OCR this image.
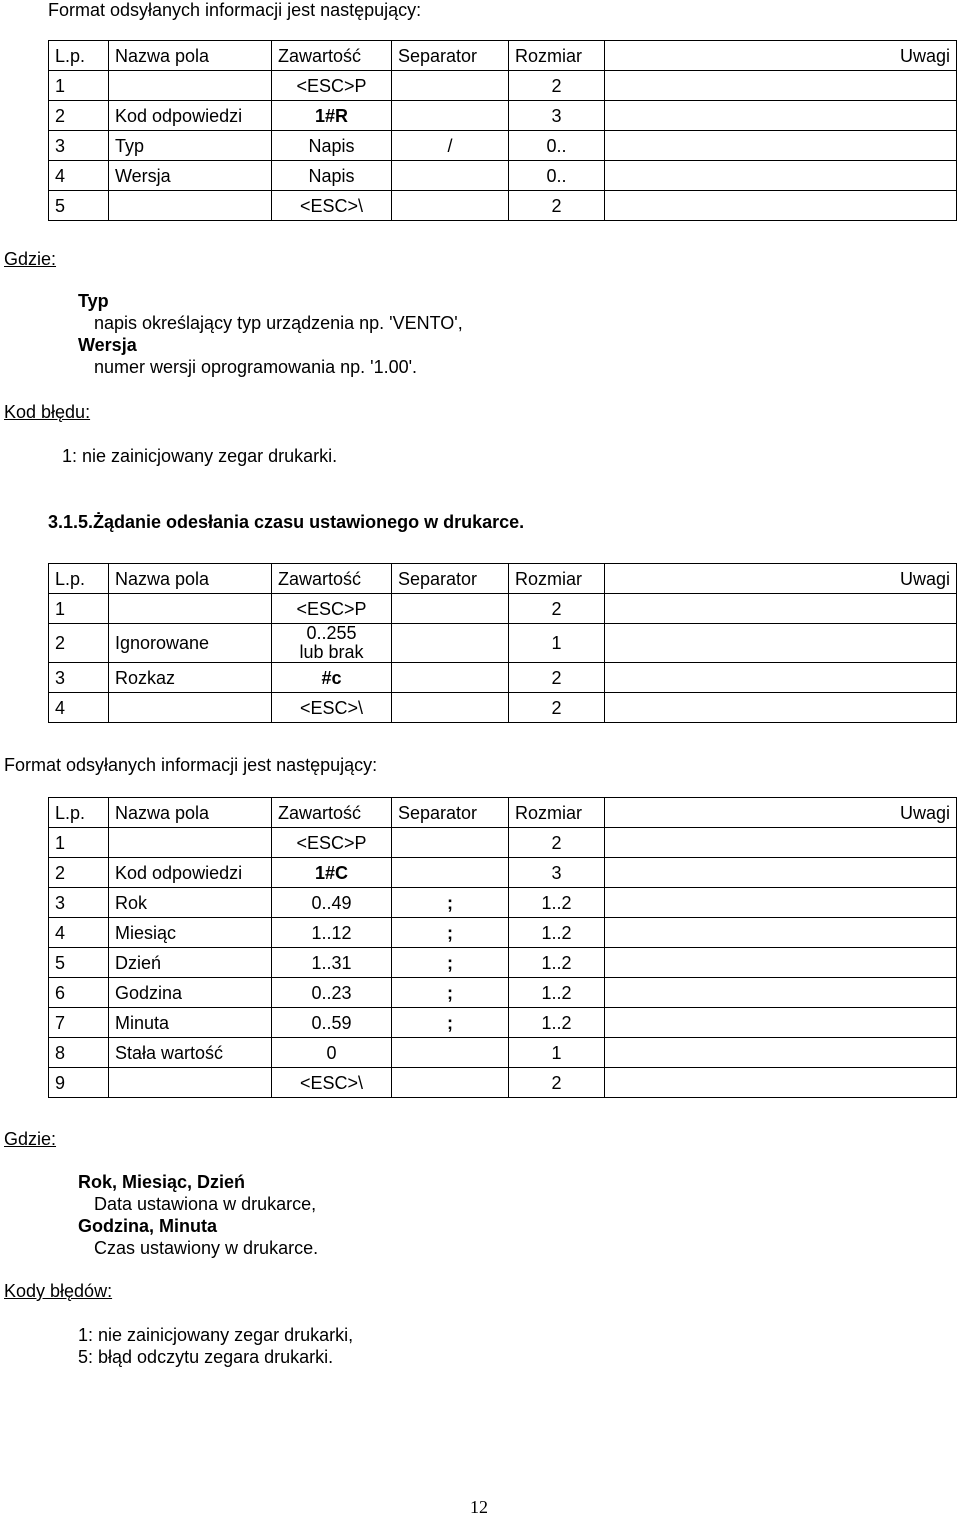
Format odsyłanych informacji jest następujący:
L.p.	Nazwa pola	Zawartość	Separator	Rozmiar	Uwagi
1		<ESC>P		2	
2	Kod odpowiedzi	1#R		3	
3	Typ	Napis	/	0..	
4	Wersja	Napis		0..	
5		<ESC>\		2	
Gdzie:
Typ
napis określający typ urządzenia np. 'VENTO',
Wersja
numer wersji oprogramowania np. '1.00'.
Kod błędu:
1: nie zainicjowany zegar drukarki.
3.1.5. Żądanie odesłania czasu ustawionego w drukarce.
L.p.	Nazwa pola	Zawartość	Separator	Rozmiar	Uwagi
1		<ESC>P		2	
2	Ignorowane	0..255 lub brak		1	
3	Rozkaz	#c		2	
4		<ESC>\		2	
Format odsyłanych informacji jest następujący:
L.p.	Nazwa pola	Zawartość	Separator	Rozmiar	Uwagi
1		<ESC>P		2	
2	Kod odpowiedzi	1#C		3	
3	Rok	0..49	;	1..2	
4	Miesiąc	1..12	;	1..2	
5	Dzień	1..31	;	1..2	
6	Godzina	0..23	;	1..2	
7	Minuta	0..59	;	1..2	
8	Stała wartość	0		1	
9		<ESC>\		2	
Gdzie:
Rok, Miesiąc, Dzień
Data ustawiona w drukarce,
Godzina, Minuta
Czas ustawiony w drukarce.
Kody błędów:
1: nie zainicjowany zegar drukarki,
5: błąd odczytu zegara drukarki.
12
